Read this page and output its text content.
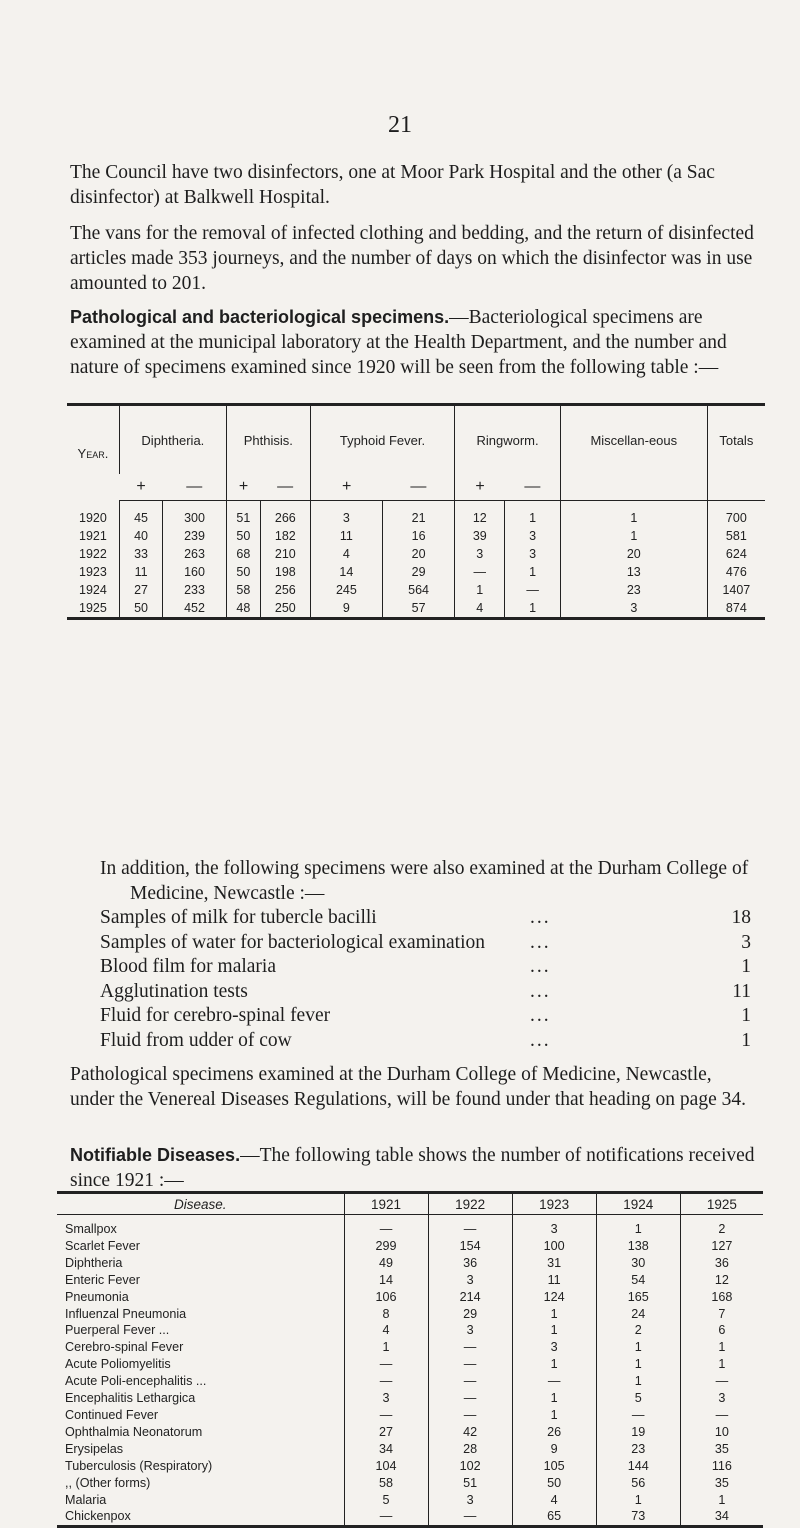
21

The Council have two disinfectors, one at Moor Park Hospital and the other (a Sac disinfector) at Balkwell Hospital.

The vans for the removal of infected clothing and bedding, and the return of disinfected articles made 353 journeys, and the number of days on which the disinfector was in use amounted to 201.

Pathological and bacteriological specimens.—Bacteriological specimens are examined at the municipal laboratory at the Health Department, and the number and nature of specimens examined since 1920 will be seen from the following table :—

Year.	Diphtheria.		Phthisis.		Typhoid Fever.		Ringworm.		Miscellan-eous	Totals
	+	—	+	—	+	—	+	—		
1920	45	300	51	266	3	21	12	1	1	700
1921	40	239	50	182	11	16	39	3	1	581
1922	33	263	68	210	4	20	3	3	20	624
1923	11	160	50	198	14	29	—	1	13	476
1924	27	233	58	256	245	564	1	—	23	1407
1925	50	452	48	250	9	57	4	1	3	874

In addition, the following specimens were also examined at the Durham College of Medicine, Newcastle :—

Samples of milk for tubercle bacilli	...	18
Samples of water for bacteriological examination ...	3
Blood film for malaria	...	1
Agglutination tests	...	11
Fluid for cerebro-spinal fever	...	1
Fluid from udder of cow	...	1

Pathological specimens examined at the Durham College of Medicine, Newcastle, under the Venereal Diseases Regulations, will be found under that heading on page 34.

Notifiable Diseases.—The following table shows the number of notifications received since 1921 :—

Disease.	1921	1922	1923	1924	1925
Smallpox	—	—	3	1	2
Scarlet Fever	299	154	100	138	127
Diphtheria	49	36	31	30	36
Enteric Fever	14	3	11	54	12
Pneumonia	106	214	124	165	168
Influenzal Pneumonia	8	29	1	24	7
Puerperal Fever ...	4	3	1	2	6
Cerebro-spinal Fever	1	—	3	1	1
Acute Poliomyelitis	—	—	1	1	1
Acute Poli-encephalitis ...	—	—	—	1	—
Encephalitis Lethargica	3	—	1	5	3
Continued Fever	—	—	1	—	—
Ophthalmia Neonatorum	27	42	26	19	10
Erysipelas	34	28	9	23	35
Tuberculosis (Respiratory)	104	102	105	144	116
,, (Other forms)	58	51	50	56	35
Malaria	5	3	4	1	1
Chickenpox	—	—	65	73	34
